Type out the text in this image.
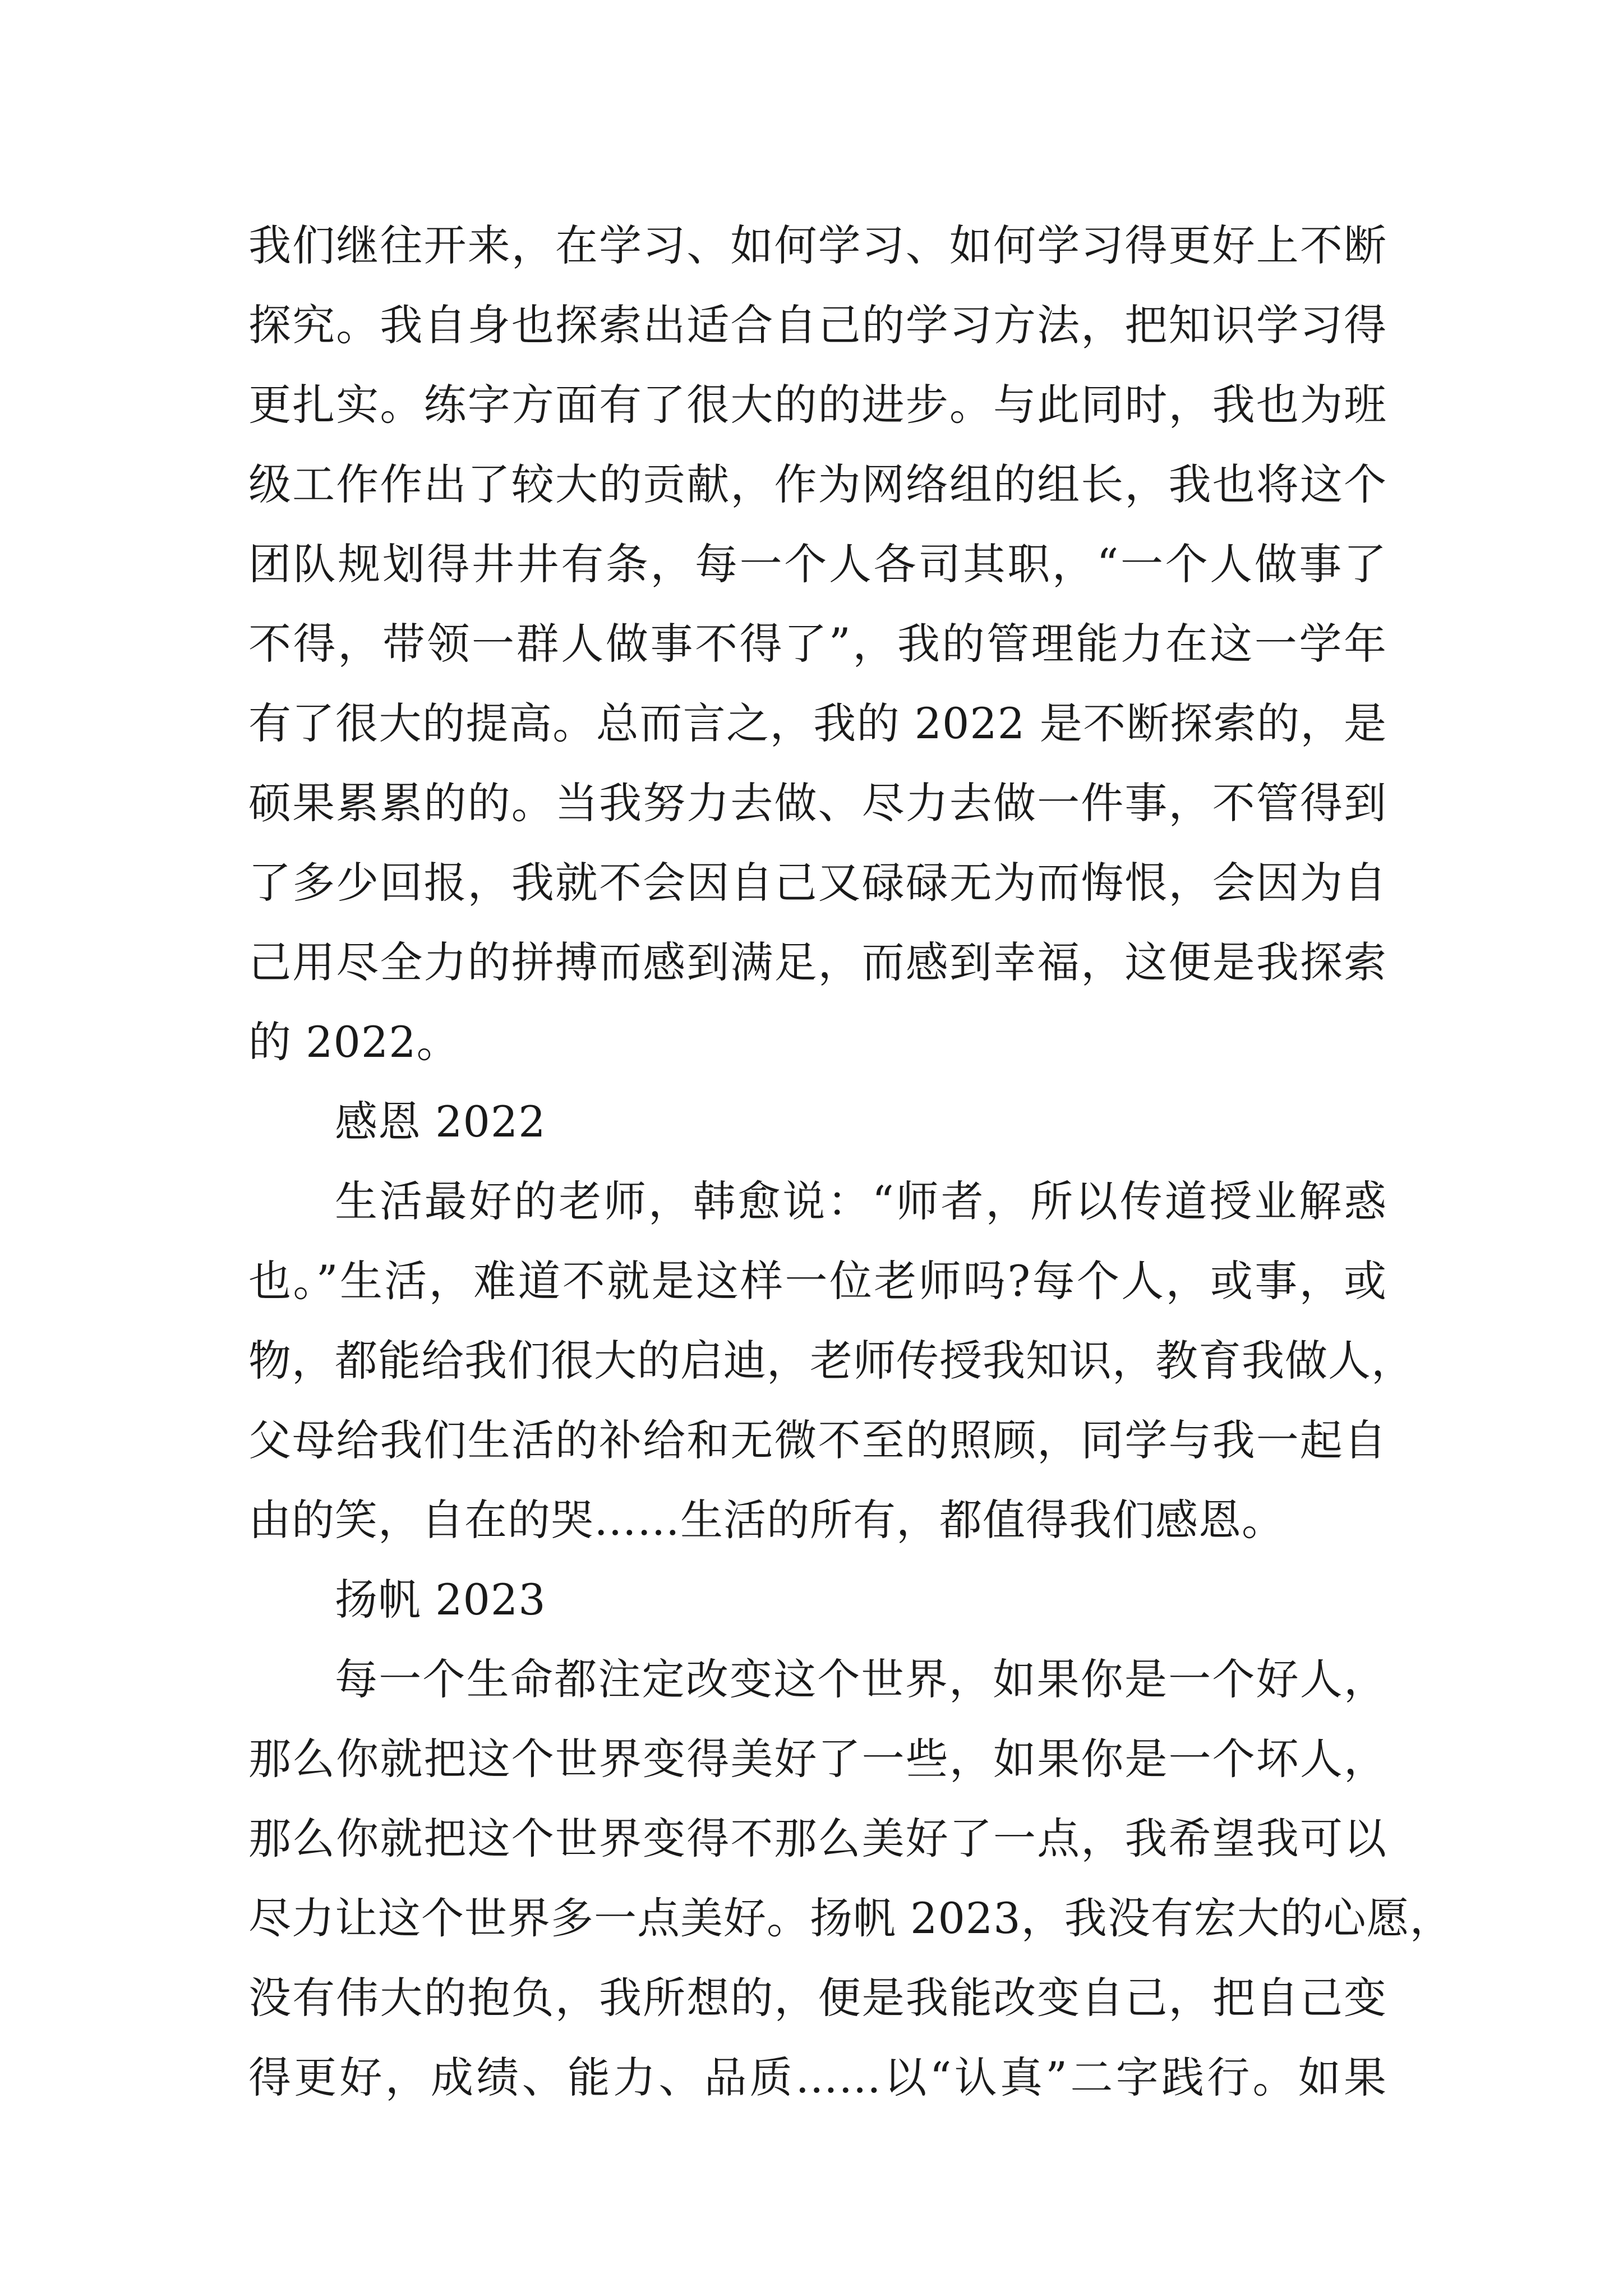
我们继往开来，在学习、如何学习、如何学习得更好上不断
探究。我自身也探索出适合自己的学习方法，把知识学习得
更扎实。练字方面有了很大的的进步。与此同时，我也为班
级工作作出了较大的贡献，作为网络组的组长，我也将这个
团队规划得井井有条，每一个人各司其职，“一个人做事了
不得，带领一群人做事不得了”，我的管理能力在这一学年
有了很大的提高。总而言之，我的 2022 是不断探索的，是
硕果累累的的。当我努力去做、尽力去做一件事，不管得到
了多少回报，我就不会因自己又碌碌无为而悔恨，会因为自
己用尽全力的拼搏而感到满足，而感到幸福，这便是我探索
的 2022。
感恩 2022
生活最好的老师，韩愈说：“师者，所以传道授业解惑
也。”生活，难道不就是这样一位老师吗?每个人，或事，或
物，都能给我们很大的启迪，老师传授我知识，教育我做人，
父母给我们生活的补给和无微不至的照顾，同学与我一起自
由的笑，自在的哭……生活的所有，都值得我们感恩。
扬帆 2023
每一个生命都注定改变这个世界，如果你是一个好人，
那么你就把这个世界变得美好了一些，如果你是一个坏人，
那么你就把这个世界变得不那么美好了一点，我希望我可以
尽力让这个世界多一点美好。扬帆 2023，我没有宏大的心愿，
没有伟大的抱负，我所想的，便是我能改变自己，把自己变
得更好，成绩、能力、品质……以“认真”二字践行。如果
